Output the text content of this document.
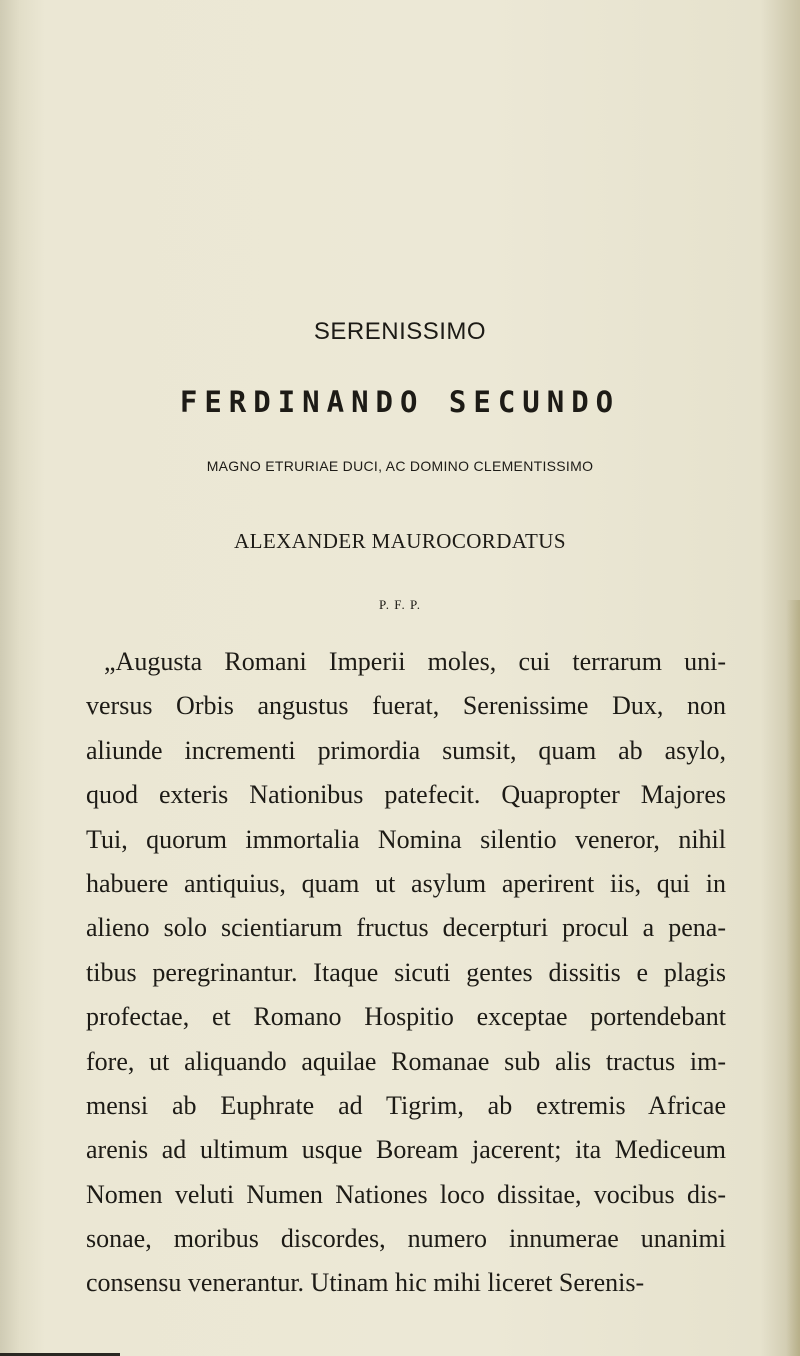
SERENISSIMO
FERDINANDO SECUNDO
MAGNO ETRURIAE DUCI, AC DOMINO CLEMENTISSIMO
ALEXANDER MAUROCORDATUS
P. F. P.
„Augusta Romani Imperii moles, cui terrarum uni-
versus Orbis angustus fuerat, Serenissime Dux, non
aliunde incrementi primordia sumsit, quam ab asylo,
quod exteris Nationibus patefecit. Quapropter Majores
Tui, quorum immortalia Nomina silentio veneror, nihil
habuere antiquius, quam ut asylum aperirent iis, qui in
alieno solo scientiarum fructus decerpturi procul a pena-
tibus peregrinantur. Itaque sicuti gentes dissitis e plagis
profectae, et Romano Hospitio exceptae portendebant
fore, ut aliquando aquilae Romanae sub alis tractus im-
mensi ab Euphrate ad Tigrim, ab extremis Africae
arenis ad ultimum usque Boream jacerent; ita Mediceum
Nomen veluti Numen Nationes loco dissitae, vocibus dis-
sonae, moribus discordes, numero innumerae unanimi
consensu venerantur. Utinam hic mihi liceret Serenis-
